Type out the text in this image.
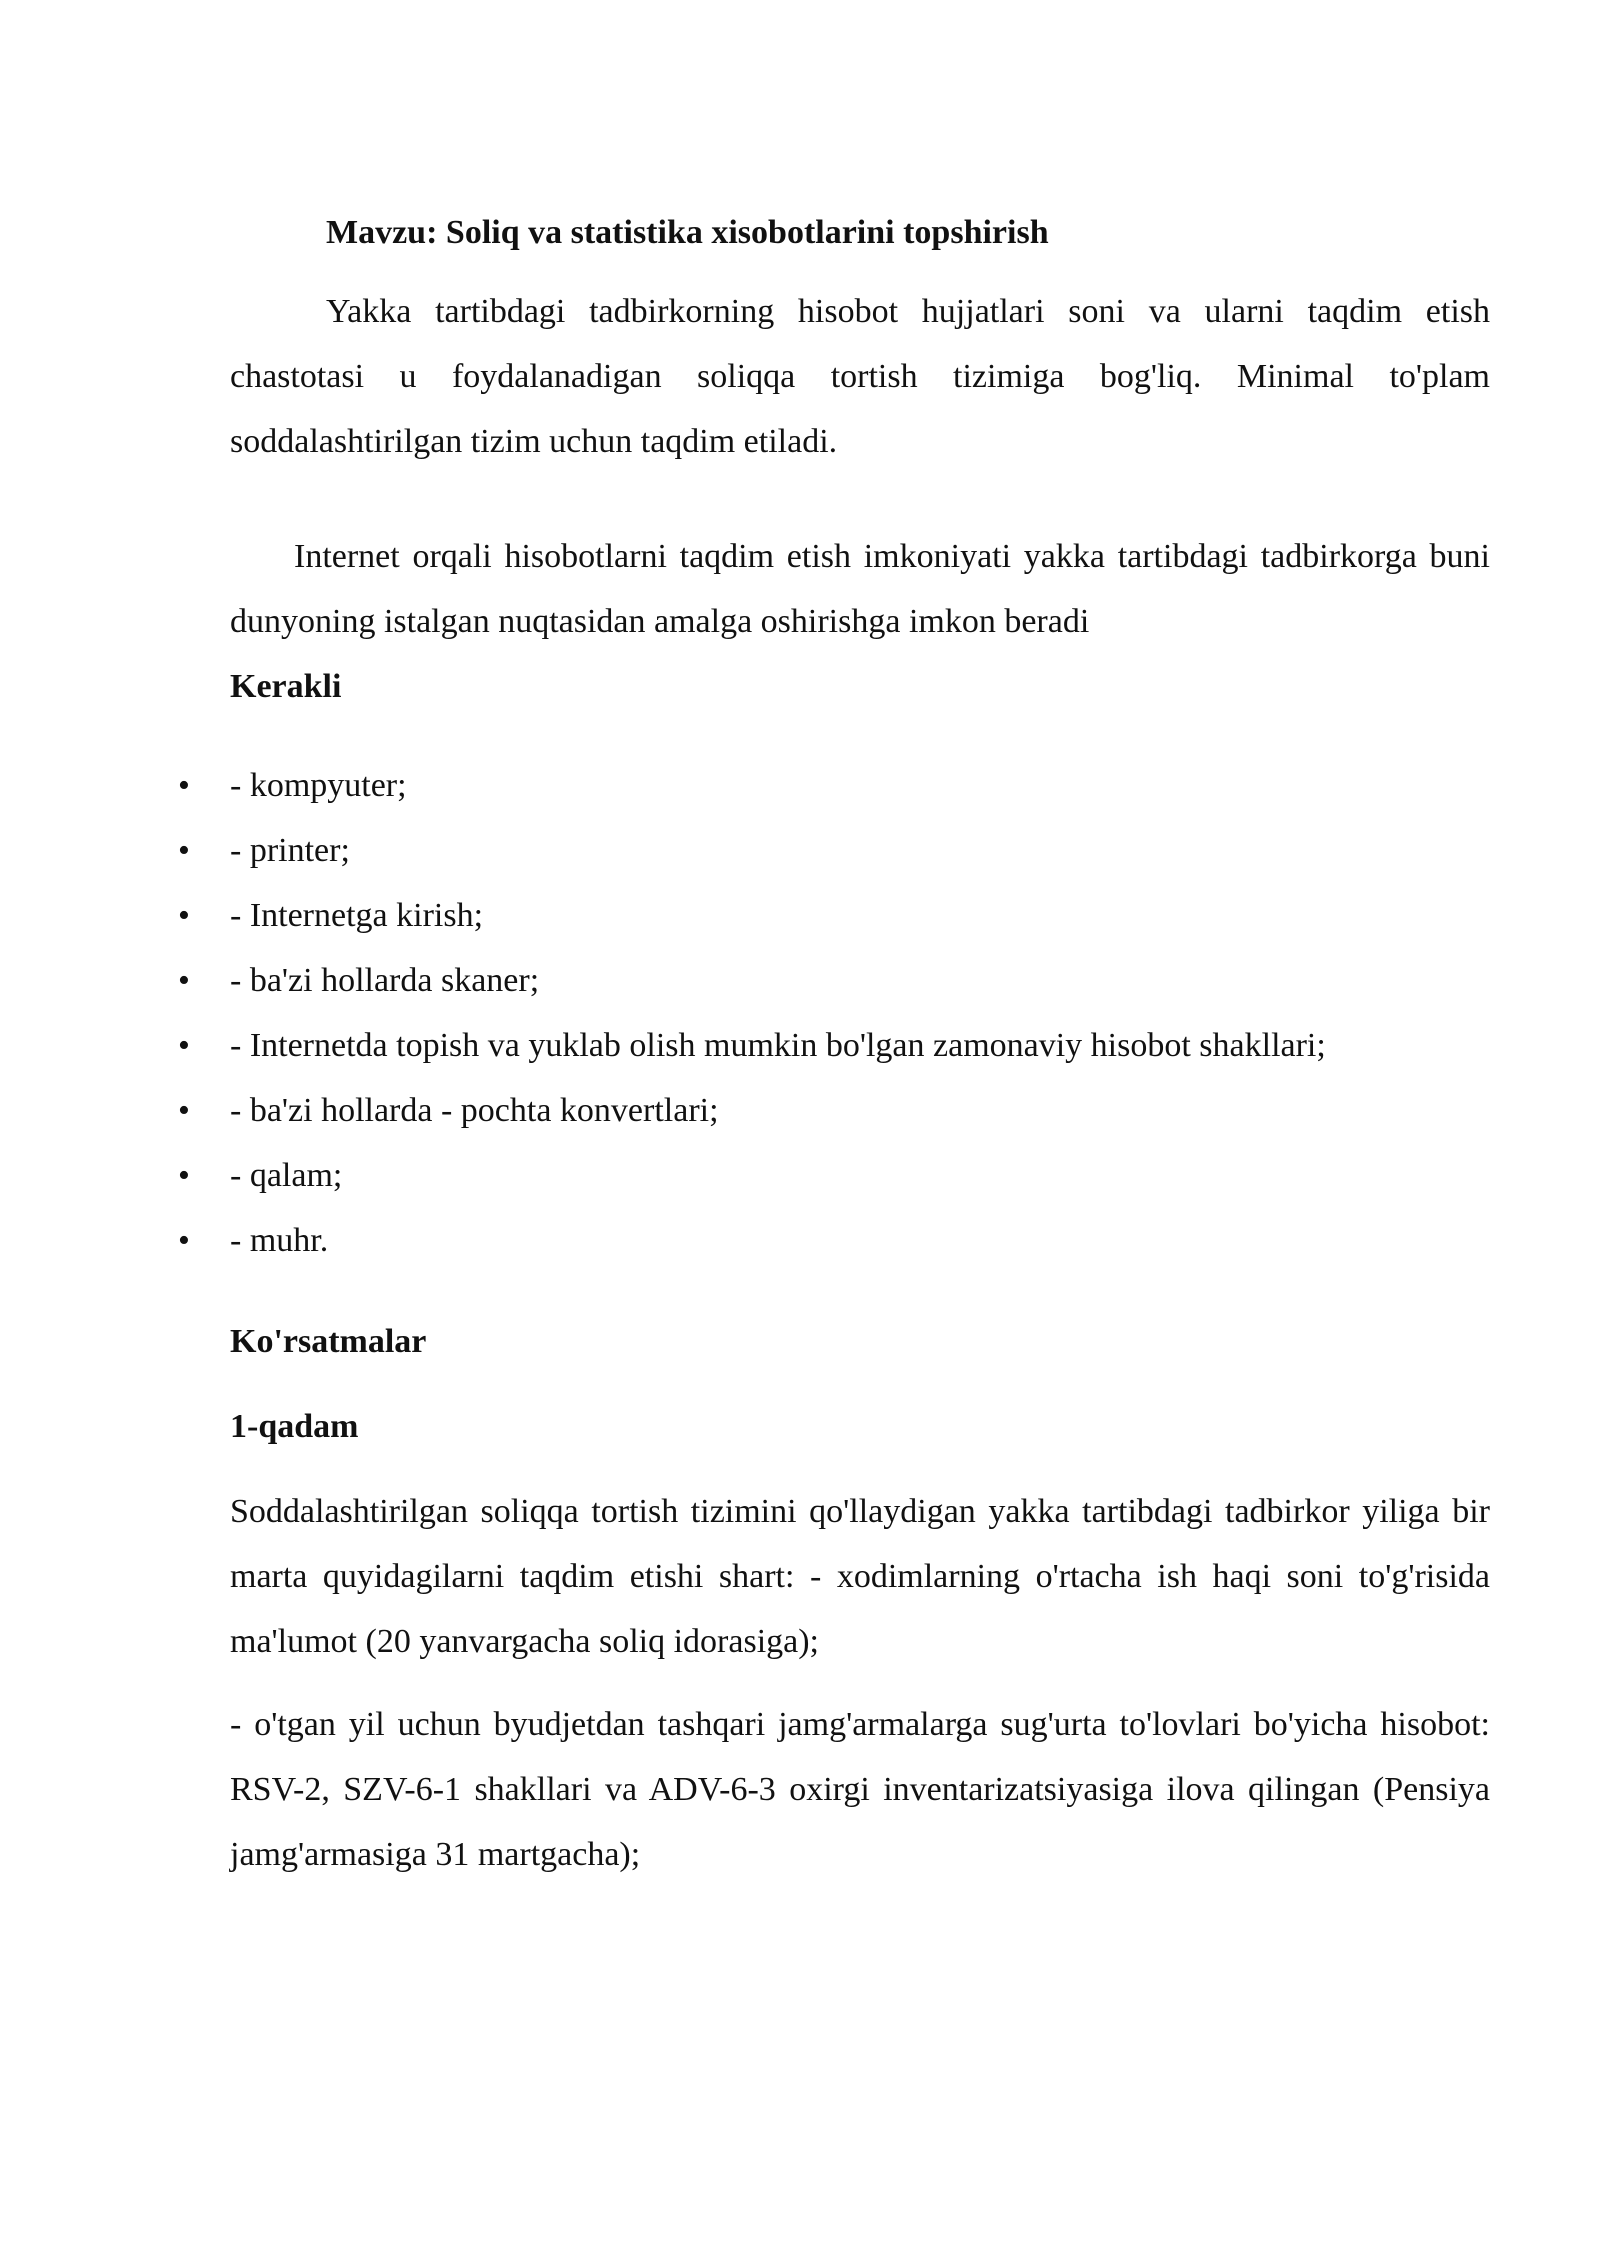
Mavzu: Soliq va statistika xisobotlarini topshirish

Yakka tartibdagi tadbirkorning hisobot hujjatlari soni va ularni taqdim etish chastotasi u foydalanadigan soliqqa tortish tizimiga bog'liq. Minimal to'plam soddalashtirilgan tizim uchun taqdim etiladi.

Internet orqali hisobotlarni taqdim etish imkoniyati yakka tartibdagi tadbirkorga buni dunyoning istalgan nuqtasidan amalga oshirishga imkon beradi

Kerakli
• - kompyuter;
• - printer;
• - Internetga kirish;
• - ba'zi hollarda skaner;
• - Internetda topish va yuklab olish mumkin bo'lgan zamonaviy hisobot shakllari;
• - ba'zi hollarda - pochta konvertlari;
• - qalam;
• - muhr.
Ko'rsatmalar
1-qadam

Soddalashtirilgan soliqqa tortish tizimini qo'llaydigan yakka tartibdagi tadbirkor yiliga bir marta quyidagilarni taqdim etishi shart: - xodimlarning o'rtacha ish haqi soni to'g'risida ma'lumot (20 yanvargacha soliq idorasiga);

- o'tgan yil uchun byudjetdan tashqari jamg'armalarga sug'urta to'lovlari bo'yicha hisobot: RSV-2, SZV-6-1 shakllari va ADV-6-3 oxirgi inventarizatsiyasiga ilova qilingan (Pensiya jamg'armasiga 31 martgacha);
